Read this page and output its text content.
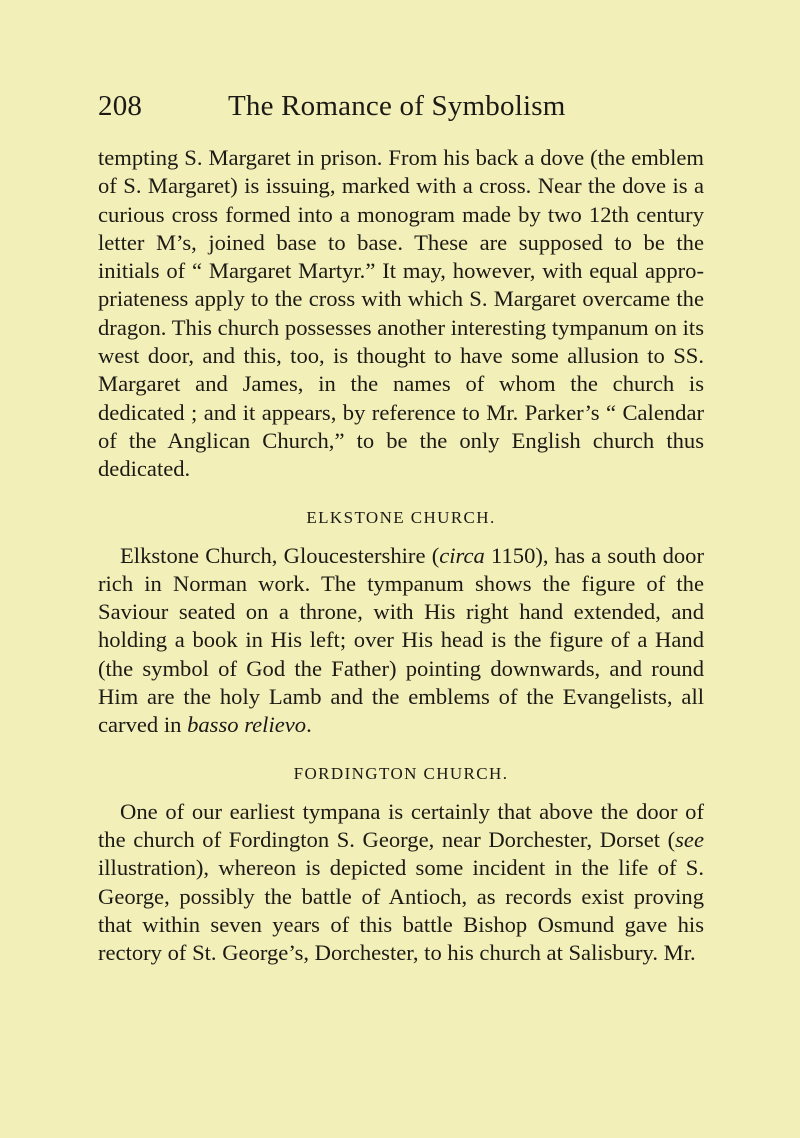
208	The Romance of Symbolism

tempting S. Margaret in prison. From his back a dove (the emblem of S. Margaret) is issuing, marked with a cross. Near the dove is a curious cross formed into a monogram made by two 12th century letter M’s, joined base to base. These are supposed to be the initials of “ Margaret Martyr.” It may, however, with equal appropriateness apply to the cross with which S. Margaret overcame the dragon. This church possesses another interesting tympanum on its west door, and this, too, is thought to have some allusion to SS. Margaret and James, in the names of whom the church is dedicated ; and it appears, by reference to Mr. Parker’s “ Calendar of the Anglican Church,” to be the only English church thus dedicated.

ELKSTONE CHURCH.

Elkstone Church, Gloucestershire (circa 1150), has a south door rich in Norman work. The tympanum shows the figure of the Saviour seated on a throne, with His right hand extended, and holding a book in His left; over His head is the figure of a Hand (the symbol of God the Father) pointing downwards, and round Him are the holy Lamb and the emblems of the Evangelists, all carved in basso relievo.

FORDINGTON CHURCH.

One of our earliest tympana is certainly that above the door of the church of Fordington S. George, near Dorchester, Dorset (see illustration), whereon is depicted some incident in the life of S. George, possibly the battle of Antioch, as records exist proving that within seven years of this battle Bishop Osmund gave his rectory of St. George’s, Dorchester, to his church at Salisbury. Mr.
